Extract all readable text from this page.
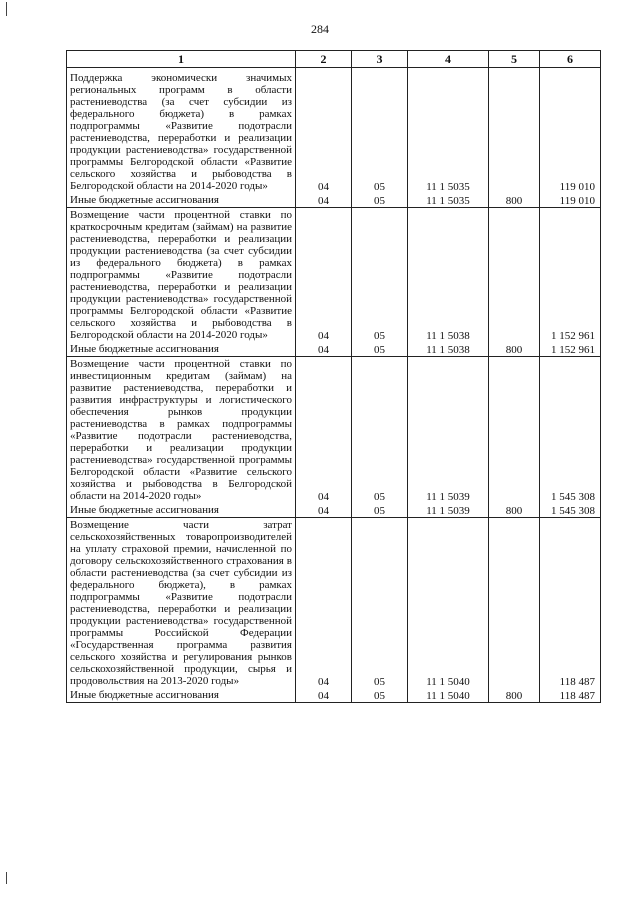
284
1	2	3	4	5	6

Поддержка экономически значимых региональных программ в области растениеводства (за счет субсидии из федерального бюджета) в рамках подпрограммы «Развитие подотрасли растениеводства, переработки и реализации продукции растениеводства» государственной программы Белгородской области «Развитие сельского хозяйства и рыбоводства в Белгородской области на 2014-2020 годы»	04	05	11 1 5035		119 010
Иные бюджетные ассигнования	04	05	11 1 5035	800	119 010
Возмещение части процентной ставки по краткосрочным кредитам (займам) на развитие растениеводства, переработки и реализации продукции растениеводства (за счет субсидии из федерального бюджета) в рамках подпрограммы «Развитие подотрасли растениеводства, переработки и реализации продукции растениеводства» государственной программы Белгородской области «Развитие сельского хозяйства и рыбоводства в Белгородской области на 2014-2020 годы»	04	05	11 1 5038		1 152 961
Иные бюджетные ассигнования	04	05	11 1 5038	800	1 152 961
Возмещение части процентной ставки по инвестиционным кредитам (займам) на развитие растениеводства, переработки и развития инфраструктуры и логистического обеспечения рынков продукции растениеводства в рамках подпрограммы «Развитие подотрасли растениеводства, переработки и реализации продукции растениеводства» государственной программы Белгородской области «Развитие сельского хозяйства и рыбоводства в Белгородской области на 2014-2020 годы»	04	05	11 1 5039		1 545 308
Иные бюджетные ассигнования	04	05	11 1 5039	800	1 545 308
Возмещение части затрат сельскохозяйственных товаропроизводителей на уплату страховой премии, начисленной по договору сельскохозяйственного страхования в области растениеводства (за счет субсидии из федерального бюджета), в рамках подпрограммы «Развитие подотрасли растениеводства, переработки и реализации продукции растениеводства» государственной программы Российской Федерации «Государственная программа развития сельского хозяйства и регулирования рынков сельскохозяйственной продукции, сырья и продовольствия на 2013-2020 годы»	04	05	11 1 5040		118 487
Иные бюджетные ассигнования	04	05	11 1 5040	800	118 487
